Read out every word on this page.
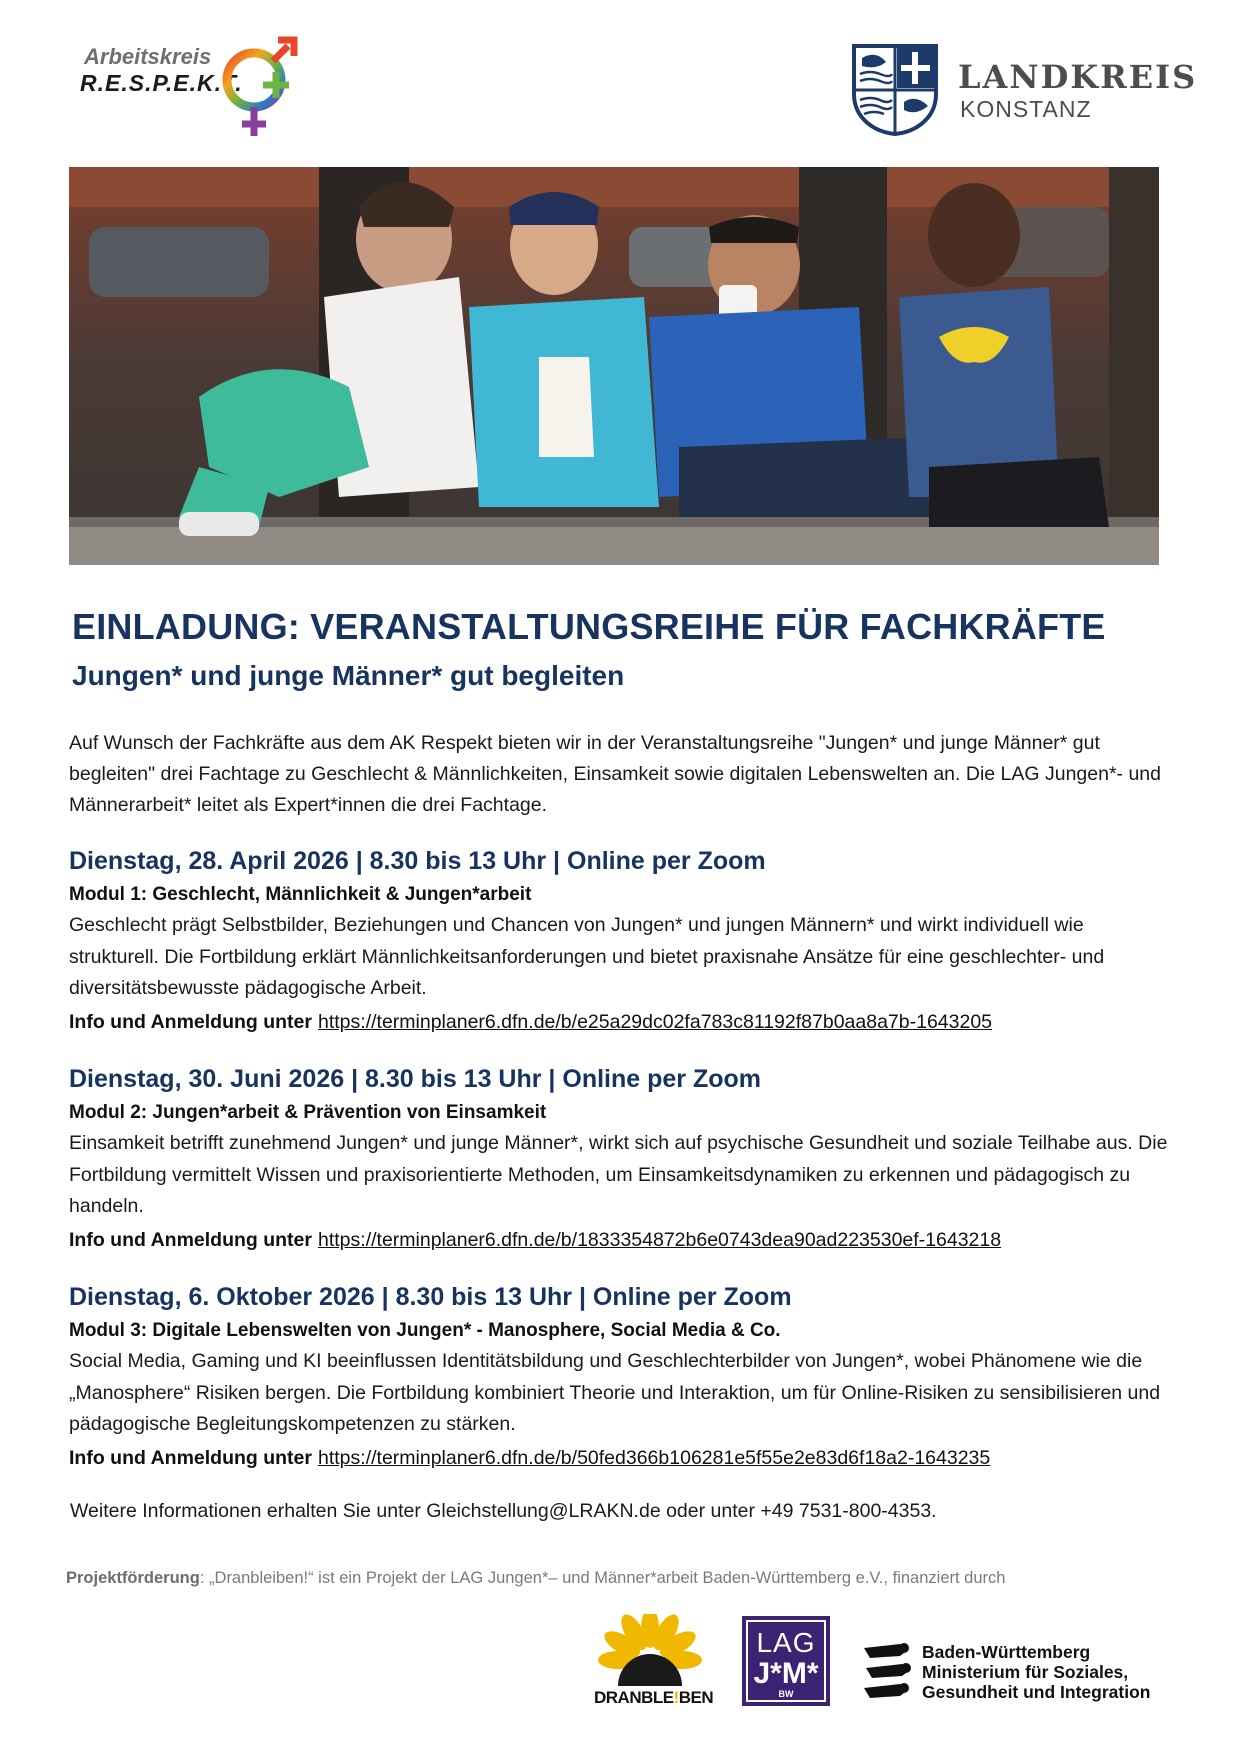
Arbeitskreis
R.E.S.P.E.K.T.	LANDKREIS
KONSTANZ
EINLADUNG: VERANSTALTUNGSREIHE FÜR FACHKRÄFTE
Jungen* und junge Männer* gut begleiten

Auf Wunsch der Fachkräfte aus dem AK Respekt bieten wir in der Veranstaltungsreihe "Jungen* und junge Männer* gut begleiten" drei Fachtage zu Geschlecht & Männlichkeiten, Einsamkeit sowie digitalen Lebenswelten an. Die LAG Jungen*- und Männerarbeit* leitet als Expert*innen die drei Fachtage.

Dienstag, 28. April 2026 | 8.30 bis 13 Uhr | Online per Zoom
Modul 1: Geschlecht, Männlichkeit & Jungen*arbeit

Geschlecht prägt Selbstbilder, Beziehungen und Chancen von Jungen* und jungen Männern* und wirkt individuell wie strukturell. Die Fortbildung erklärt Männlichkeitsanforderungen und bietet praxisnahe Ansätze für eine geschlechter- und diversitätsbewusste pädagogische Arbeit.

Info und Anmeldung unter https://terminplaner6.dfn.de/b/e25a29dc02fa783c81192f87b0aa8a7b-1643205
Dienstag, 30. Juni 2026 | 8.30 bis 13 Uhr | Online per Zoom
Modul 2: Jungen*arbeit & Prävention von Einsamkeit

Einsamkeit betrifft zunehmend Jungen* und junge Männer*, wirkt sich auf psychische Gesundheit und soziale Teilhabe aus. Die Fortbildung vermittelt Wissen und praxisorientierte Methoden, um Einsamkeitsdynamiken zu erkennen und pädagogisch zu handeln.

Info und Anmeldung unter https://terminplaner6.dfn.de/b/1833354872b6e0743dea90ad223530ef-1643218
Dienstag, 6. Oktober 2026 | 8.30 bis 13 Uhr | Online per Zoom
Modul 3: Digitale Lebenswelten von Jungen* - Manosphere, Social Media & Co.

Social Media, Gaming und KI beeinflussen Identitätsbildung und Geschlechterbilder von Jungen*, wobei Phänomene wie die „Manosphere“ Risiken bergen. Die Fortbildung kombiniert Theorie und Interaktion, um für Online-Risiken zu sensibilisieren und pädagogische Begleitungskompetenzen zu stärken.

Info und Anmeldung unter https://terminplaner6.dfn.de/b/50fed366b106281e5f55e2e83d6f18a2-1643235

Weitere Informationen erhalten Sie unter Gleichstellung@LRAKN.de oder unter +49 7531-800-4353.

Projektförderung: „Dranbleiben!“ ist ein Projekt der LAG Jungen*– und Männer*arbeit Baden-Württemberg e.V., finanziert durch

DRANBLE!BEN
LAG
J*M*
BW
Baden-Württemberg
Ministerium für Soziales,
Gesundheit und Integration
